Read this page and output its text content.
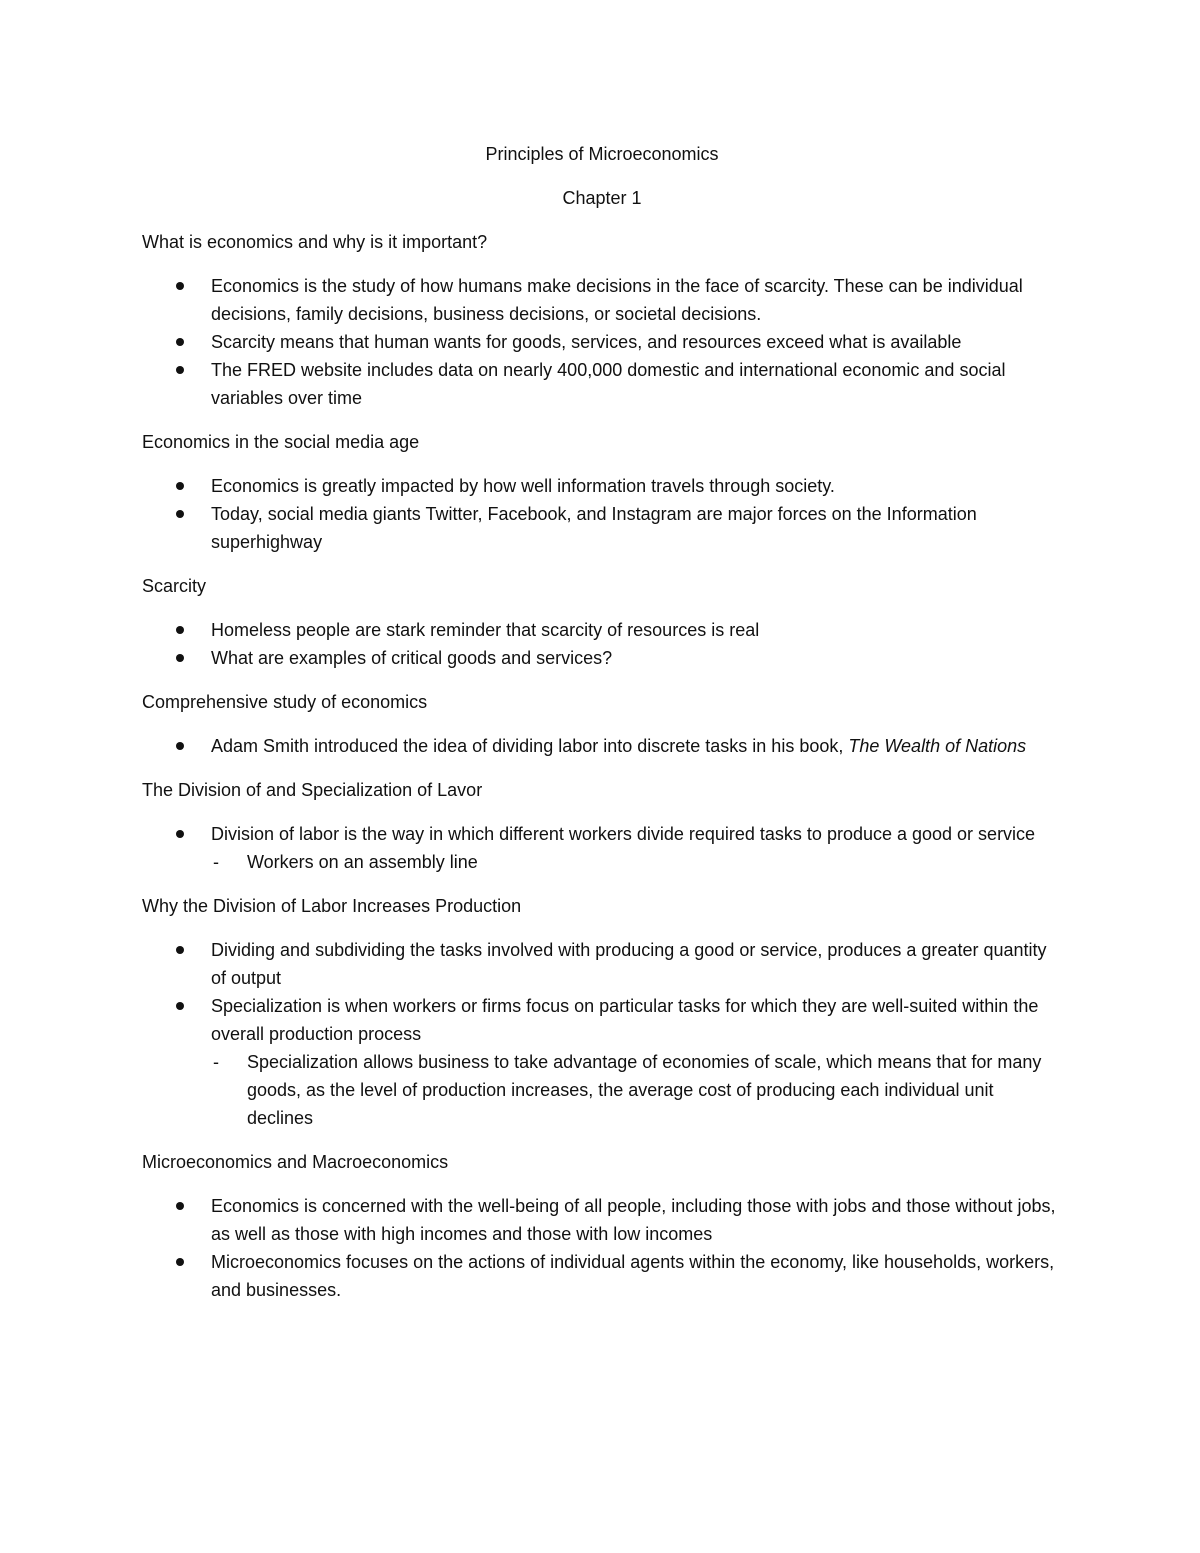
Principles of Microeconomics

Chapter 1

What is economics and why is it important?

Economics is the study of how humans make decisions in the face of scarcity. These can be individual decisions, family decisions, business decisions, or societal decisions.
Scarcity means that human wants for goods, services, and resources exceed what is available
The FRED website includes data on nearly 400,000 domestic and international economic and social variables over time

Economics in the social media age

Economics is greatly impacted by how well information travels through society.
Today, social media giants Twitter, Facebook, and Instagram are major forces on the Information superhighway

Scarcity

Homeless people are stark reminder that scarcity of resources is real
What are examples of critical goods and services?

Comprehensive study of economics

Adam Smith introduced the idea of dividing labor into discrete tasks in his book, The Wealth of Nations

The Division of and Specialization of Lavor

Division of labor is the way in which different workers divide required tasks to produce a good or service
- Workers on an assembly line

Why the Division of Labor Increases Production

Dividing and subdividing the tasks involved with producing a good or service, produces a greater quantity of output
Specialization is when workers or firms focus on particular tasks for which they are well-suited within the overall production process
- Specialization allows business to take advantage of economies of scale, which means that for many goods, as the level of production increases, the average cost of producing each individual unit declines

Microeconomics and Macroeconomics

Economics is concerned with the well-being of all people, including those with jobs and those without jobs, as well as those with high incomes and those with low incomes
Microeconomics focuses on the actions of individual agents within the economy, like households, workers, and businesses.
